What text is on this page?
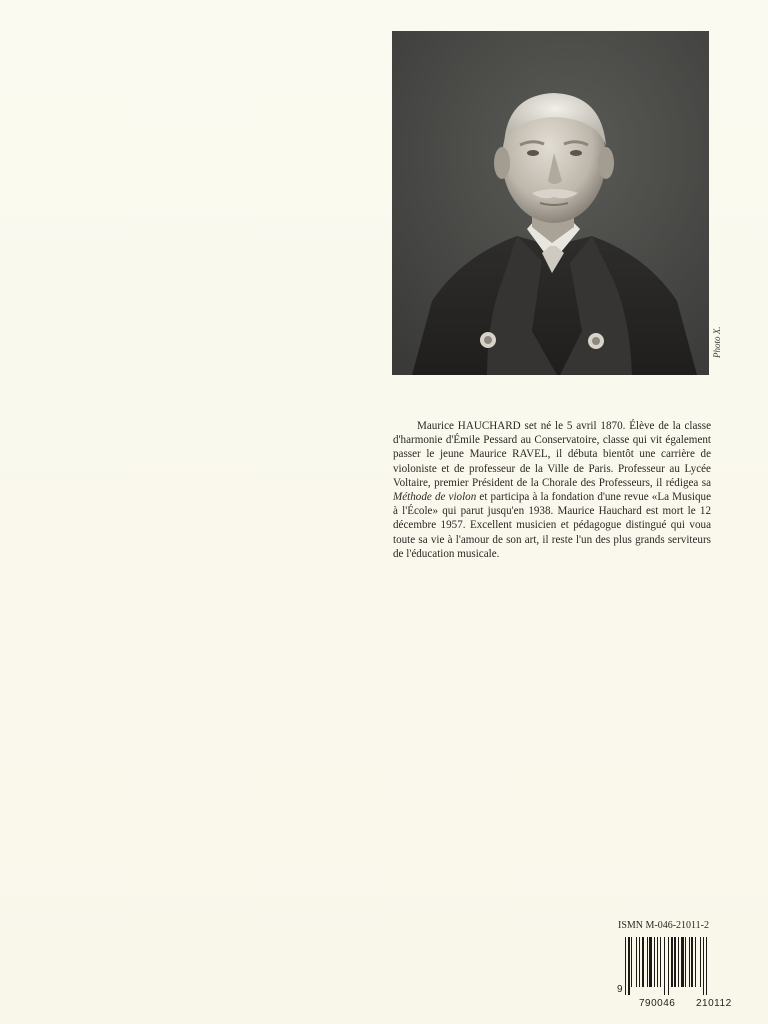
Photo X.

Maurice HAUCHARD set né le 5 avril 1870. Élève de la classe d'harmonie d'Émile Pessard au Conservatoire, classe qui vit également passer le jeune Maurice RAVEL, il débuta bientôt une carrière de violoniste et de professeur de la Ville de Paris. Professeur au Lycée Voltaire, premier Président de la Chorale des Professeurs, il rédigea sa Méthode de violon et participa à la fondation d'une revue «La Musique à l'École» qui parut jusqu'en 1938. Maurice Hauchard est mort le 12 décembre 1957. Excellent musicien et pédagogue distingué qui voua toute sa vie à l'amour de son art, il reste l'un des plus grands serviteurs de l'éducation musicale.

ISMN M-046-21011-2
9
790046 210112
